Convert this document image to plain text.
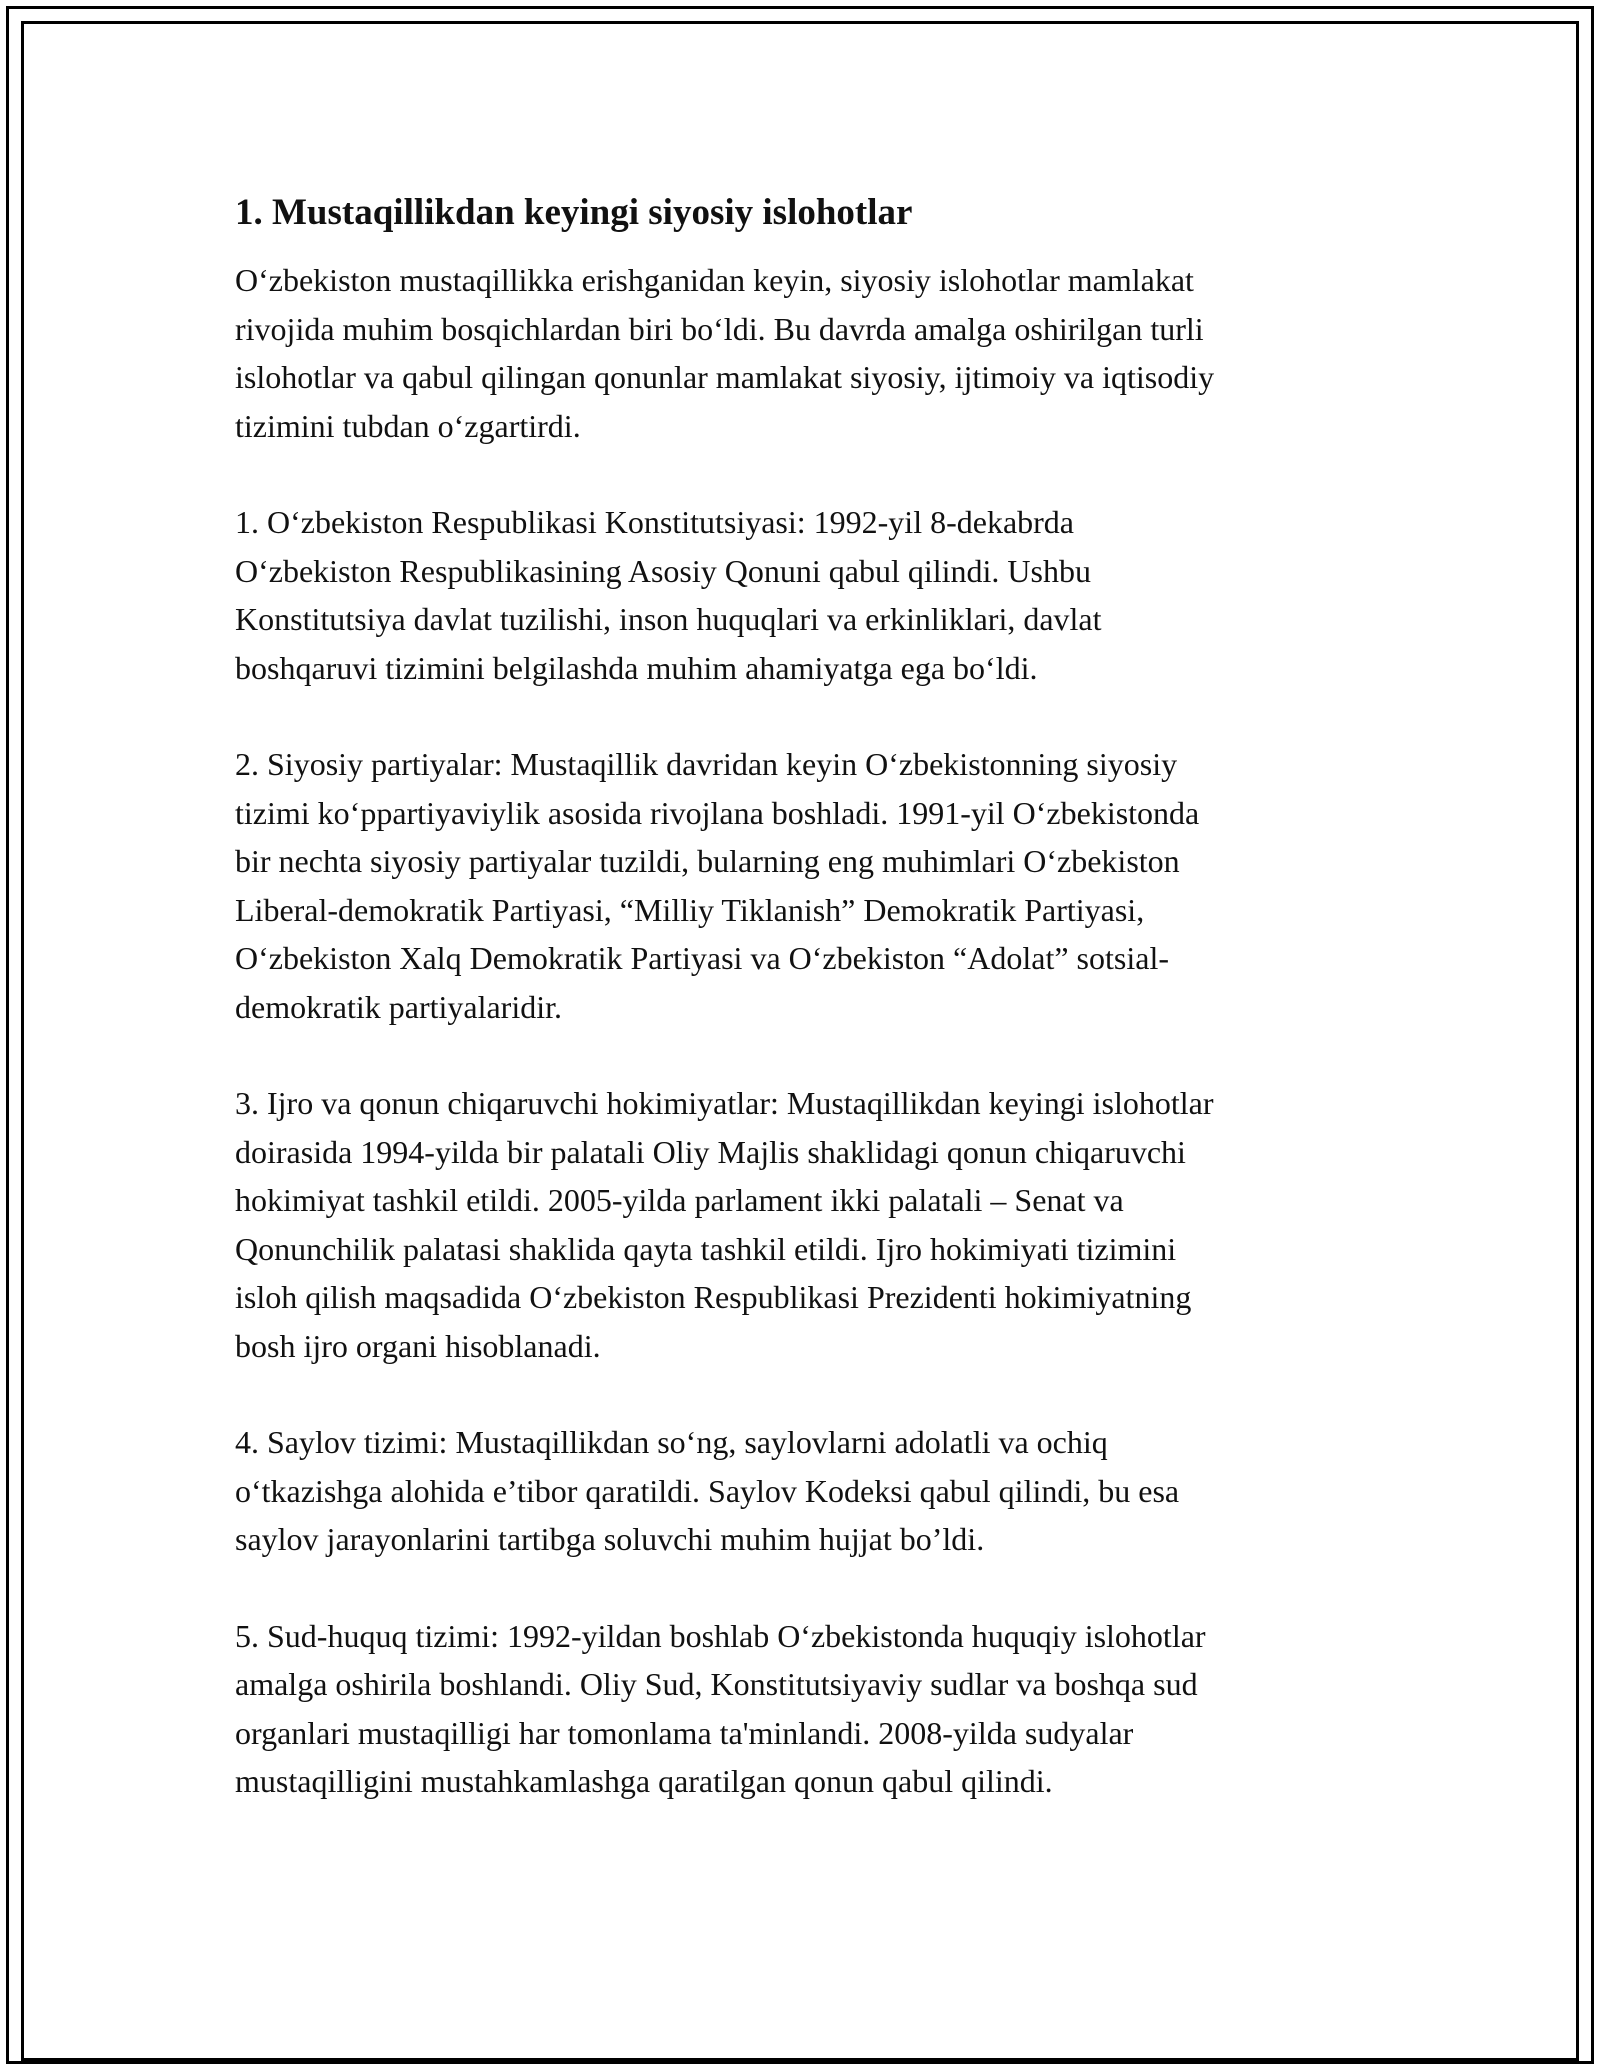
1. Mustaqillikdan keyingi siyosiy islohotlar

O‘zbekiston mustaqillikka erishganidan keyin, siyosiy islohotlar mamlakat
rivojida muhim bosqichlardan biri bo‘ldi. Bu davrda amalga oshirilgan turli
islohotlar va qabul qilingan qonunlar mamlakat siyosiy, ijtimoiy va iqtisodiy
tizimini tubdan o‘zgartirdi.

1. O‘zbekiston Respublikasi Konstitutsiyasi: 1992-yil 8-dekabrda
O‘zbekiston Respublikasining Asosiy Qonuni qabul qilindi. Ushbu
Konstitutsiya davlat tuzilishi, inson huquqlari va erkinliklari, davlat
boshqaruvi tizimini belgilashda muhim ahamiyatga ega bo‘ldi.

2. Siyosiy partiyalar: Mustaqillik davridan keyin O‘zbekistonning siyosiy
tizimi ko‘ppartiyaviylik asosida rivojlana boshladi. 1991-yil O‘zbekistonda
bir nechta siyosiy partiyalar tuzildi, bularning eng muhimlari O‘zbekiston
Liberal-demokratik Partiyasi, “Milliy Tiklanish” Demokratik Partiyasi,
O‘zbekiston Xalq Demokratik Partiyasi va O‘zbekiston “Adolat” sotsial-
demokratik partiyalaridir.

3. Ijro va qonun chiqaruvchi hokimiyatlar: Mustaqillikdan keyingi islohotlar
doirasida 1994-yilda bir palatali Oliy Majlis shaklidagi qonun chiqaruvchi
hokimiyat tashkil etildi. 2005-yilda parlament ikki palatali – Senat va
Qonunchilik palatasi shaklida qayta tashkil etildi. Ijro hokimiyati tizimini
isloh qilish maqsadida O‘zbekiston Respublikasi Prezidenti hokimiyatning
bosh ijro organi hisoblanadi.

4. Saylov tizimi: Mustaqillikdan so‘ng, saylovlarni adolatli va ochiq
o‘tkazishga alohida e’tibor qaratildi. Saylov Kodeksi qabul qilindi, bu esa
saylov jarayonlarini tartibga soluvchi muhim hujjat bo’ldi.

5. Sud-huquq tizimi: 1992-yildan boshlab O‘zbekistonda huquqiy islohotlar
amalga oshirila boshlandi. Oliy Sud, Konstitutsiyaviy sudlar va boshqa sud
organlari mustaqilligi har tomonlama ta'minlandi. 2008-yilda sudyalar
mustaqilligini mustahkamlashga qaratilgan qonun qabul qilindi.
